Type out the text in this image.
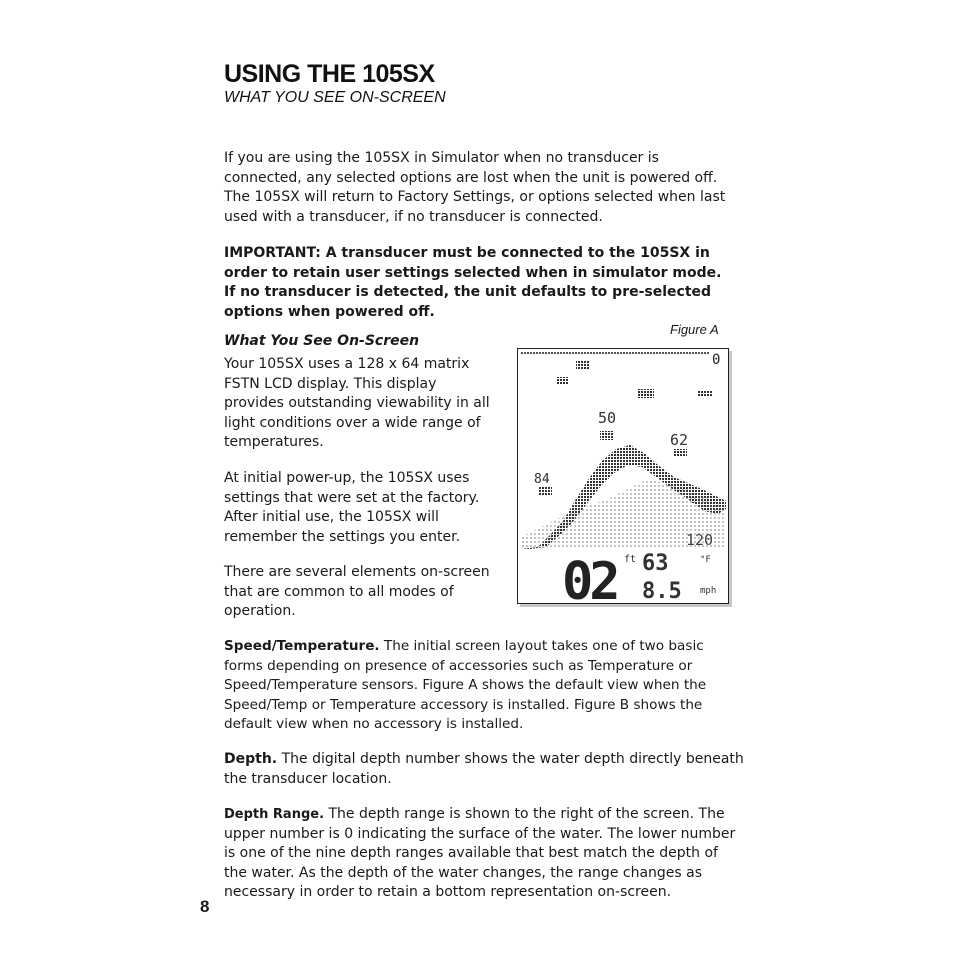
USING THE 105SX
WHAT YOU SEE ON-SCREEN

If you are using the 105SX in Simulator when no transducer is connected, any selected options are lost when the unit is powered off. The 105SX will return to Factory Settings, or options selected when last used with a transducer, if no transducer is connected.

IMPORTANT: A transducer must be connected to the 105SX in order to retain user settings selected when in simulator mode. If no transducer is detected, the unit defaults to pre-selected options when powered off.

What You See On-Screen

Your 105SX uses a 128 x 64 matrix FSTN LCD display. This display provides outstanding viewability in all light conditions over a wide range of temperatures.

At initial power-up, the 105SX uses settings that were set at the factory. After initial use, the 105SX will remember the settings you enter.

There are several elements on-screen that are common to all modes of operation.

Figure A
0
50
62
84
120
02 ft 63	°F
8.5 mph

Speed/Temperature. The initial screen layout takes one of two basic forms depending on presence of accessories such as Temperature or Speed/Temperature sensors. Figure A shows the default view when the Speed/Temp or Temperature accessory is installed. Figure B shows the default view when no accessory is installed.

Depth. The digital depth number shows the water depth directly beneath the transducer location.

Depth Range. The depth range is shown to the right of the screen. The upper number is 0 indicating the surface of the water. The lower number is one of the nine depth ranges available that best match the depth of the water. As the depth of the water changes, the range changes as necessary in order to retain a bottom representation on-screen.

8
